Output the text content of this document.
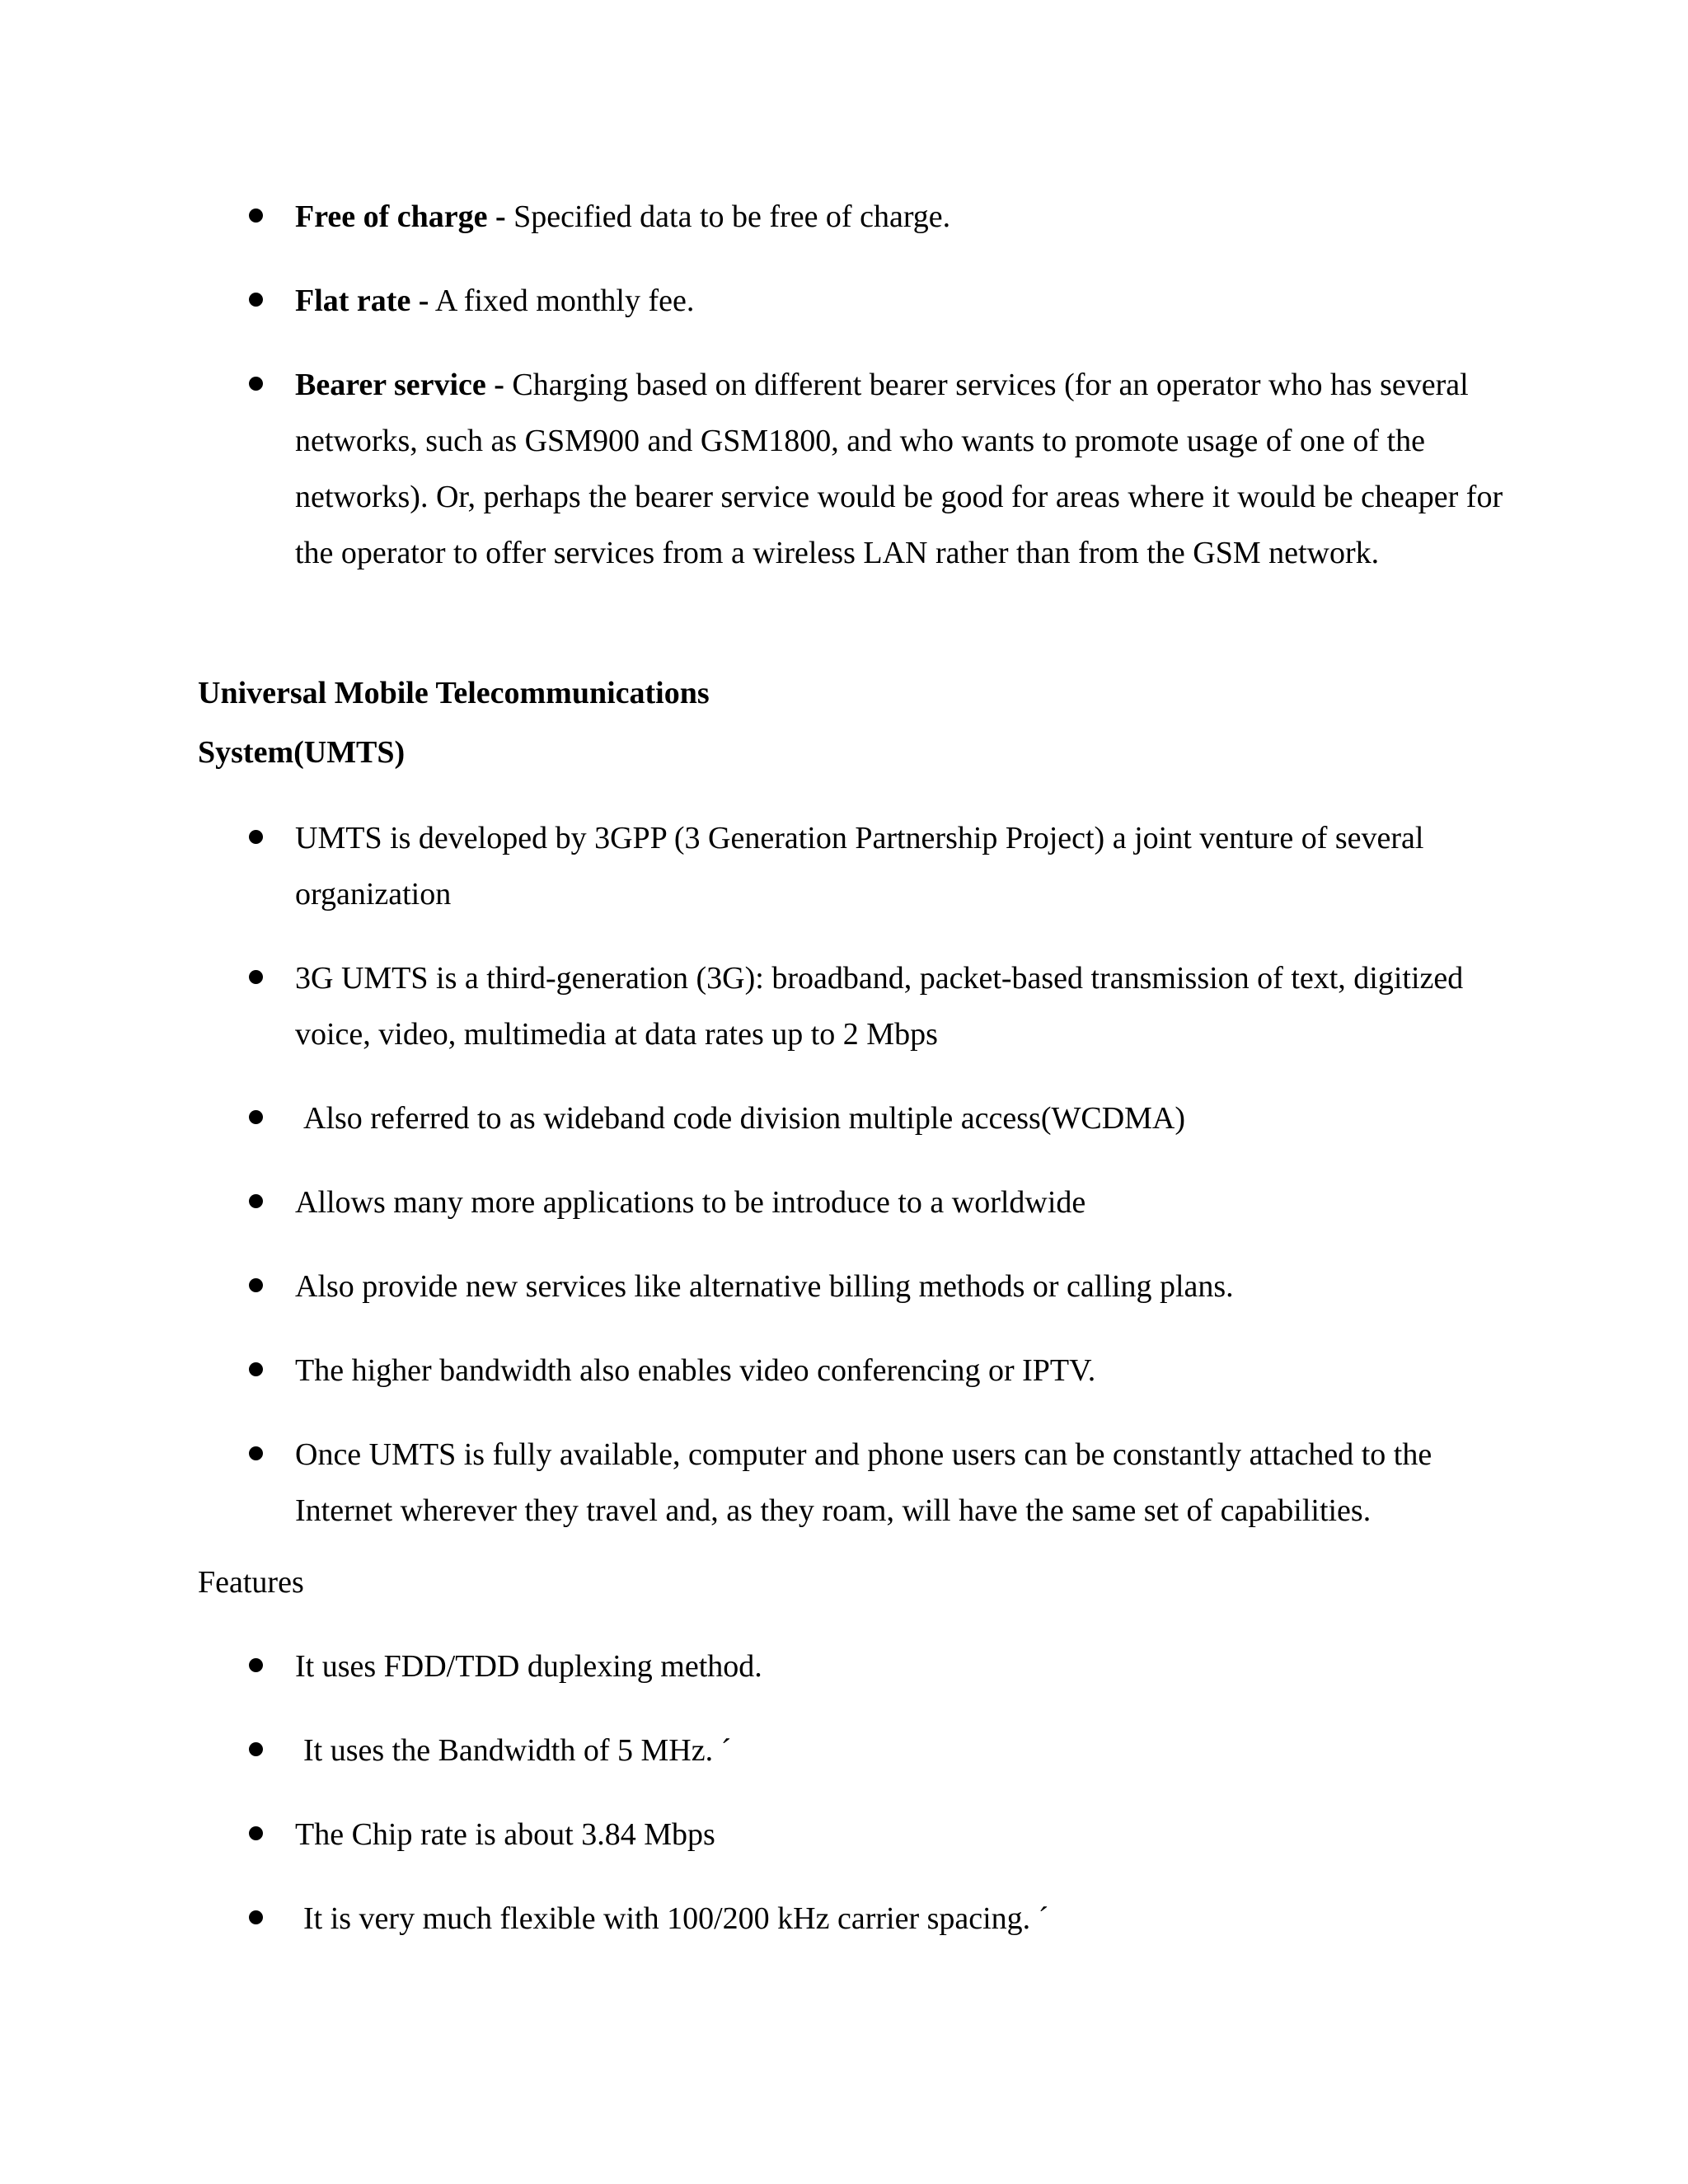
Free of charge - Specified data to be free of charge.
Flat rate - A fixed monthly fee.
Bearer service - Charging based on different bearer services (for an operator who has several networks, such as GSM900 and GSM1800, and who wants to promote usage of one of the networks). Or, perhaps the bearer service would be good for areas where it would be cheaper for the operator to offer services from a wireless LAN rather than from the GSM network.
Universal Mobile Telecommunications
System(UMTS)
UMTS is developed by 3GPP (3 Generation Partnership Project) a joint venture of several organization
3G UMTS is a third-generation (3G): broadband, packet-based transmission of text, digitized voice, video, multimedia at data rates up to 2 Mbps
Also referred to as wideband code division multiple access(WCDMA)
Allows many more applications to be introduce to a worldwide
Also provide new services like alternative billing methods or calling plans.
The higher bandwidth also enables video conferencing or IPTV.
Once UMTS is fully available, computer and phone users can be constantly attached to the Internet wherever they travel and, as they roam, will have the same set of capabilities.

Features

It uses FDD/TDD duplexing method.
It uses the Bandwidth of 5 MHz. ´
The Chip rate is about 3.84 Mbps
It is very much flexible with 100/200 kHz carrier spacing. ´
